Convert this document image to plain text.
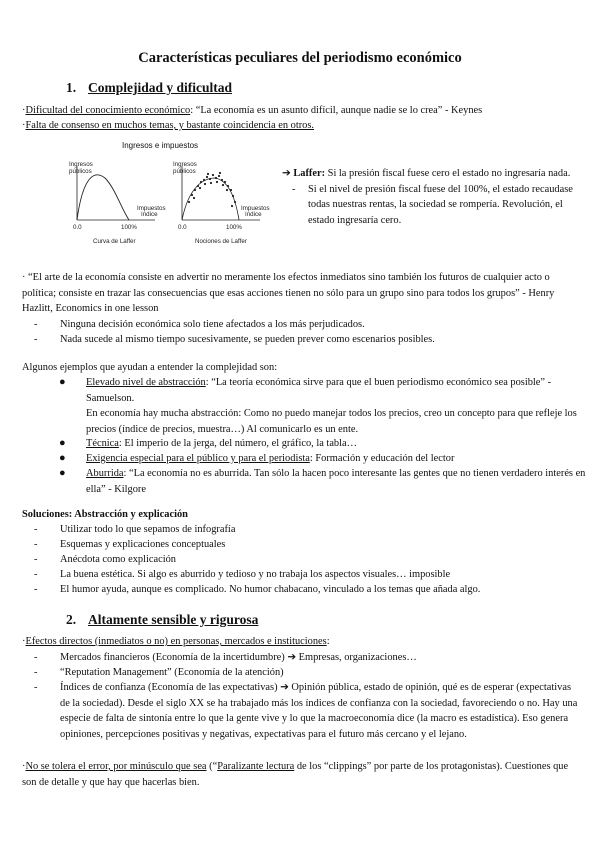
Características peculiares del periodismo económico
1. Complejidad y dificultad
·Dificultad del conocimiento económico: “La economía es un asunto difícil, aunque nadie se lo crea” - Keynes
·Falta de consenso en muchos temas, y bastante coincidencia en otros.
Ingresos e impuestos
Ingresos
públicos
Impuestos
índice
0.0	100%
Curva de Laffer
Ingresos
públicos
Impuestos
índice
0.0	100%
Nociones de Laffer
➔ Laffer: Si la presión fiscal fuese cero el estado no ingresaría nada.
- Si el nivel de presión fiscal fuese del 100%, el estado recaudase todas nuestras rentas, la sociedad se rompería. Revolución, el estado ingresaría cero.
· “El arte de la economía consiste en advertir no meramente los efectos inmediatos sino también los futuros de cualquier acto o política; consiste en trazar las consecuencias que esas acciones tienen no sólo para un grupo sino para todos los grupos” - Henry Hazlitt, Economics in one lesson
- Ninguna decisión económica solo tiene afectados a los más perjudicados.
- Nada sucede al mismo tiempo sucesivamente, se pueden prever como escenarios posibles.
Algunos ejemplos que ayudan a entender la complejidad son:
● Elevado nivel de abstracción: “La teoría económica sirve para que el buen periodismo económico sea posible” - Samuelson.
En economía hay mucha abstracción: Como no puedo manejar todos los precios, creo un concepto para que refleje los precios (índice de precios, muestra…) Al comunicarlo es un ente.
● Técnica: El imperio de la jerga, del número, el gráfico, la tabla…
● Exigencia especial para el público y para el periodista: Formación y educación del lector
● Aburrida: “La economía no es aburrida. Tan sólo la hacen poco interesante las gentes que no tienen verdadero interés en ella” - Kilgore
Soluciones: Abstracción y explicación
- Utilizar todo lo que sepamos de infografía
- Esquemas y explicaciones conceptuales
- Anécdota como explicación
- La buena estética. Si algo es aburrido y tedioso y no trabaja los aspectos visuales… imposible
- El humor ayuda, aunque es complicado. No humor chabacano, vinculado a los temas que añada algo.
2. Altamente sensible y rigurosa
·Efectos directos (inmediatos o no) en personas, mercados e instituciones:
- Mercados financieros (Economía de la incertidumbre) ➔ Empresas, organizaciones…
- “Reputation Management” (Economía de la atención)
- Índices de confianza (Economía de las expectativas) ➔ Opinión pública, estado de opinión, qué es de esperar (expectativas de la sociedad). Desde el siglo XX se ha trabajado más los índices de confianza con la sociedad, favoreciendo o no. Hay una especie de falta de sintonía entre lo que la gente vive y lo que la macroeconomía dice (la macro es estadística). Eso genera opiniones, percepciones positivas y negativas, expectativas para el futuro más cercano y el lejano.
·No se tolera el error, por minúsculo que sea (“Paralizante lectura de los “clippings” por parte de los protagonistas). Cuestiones que son de detalle y que hay que hacerlas bien.
